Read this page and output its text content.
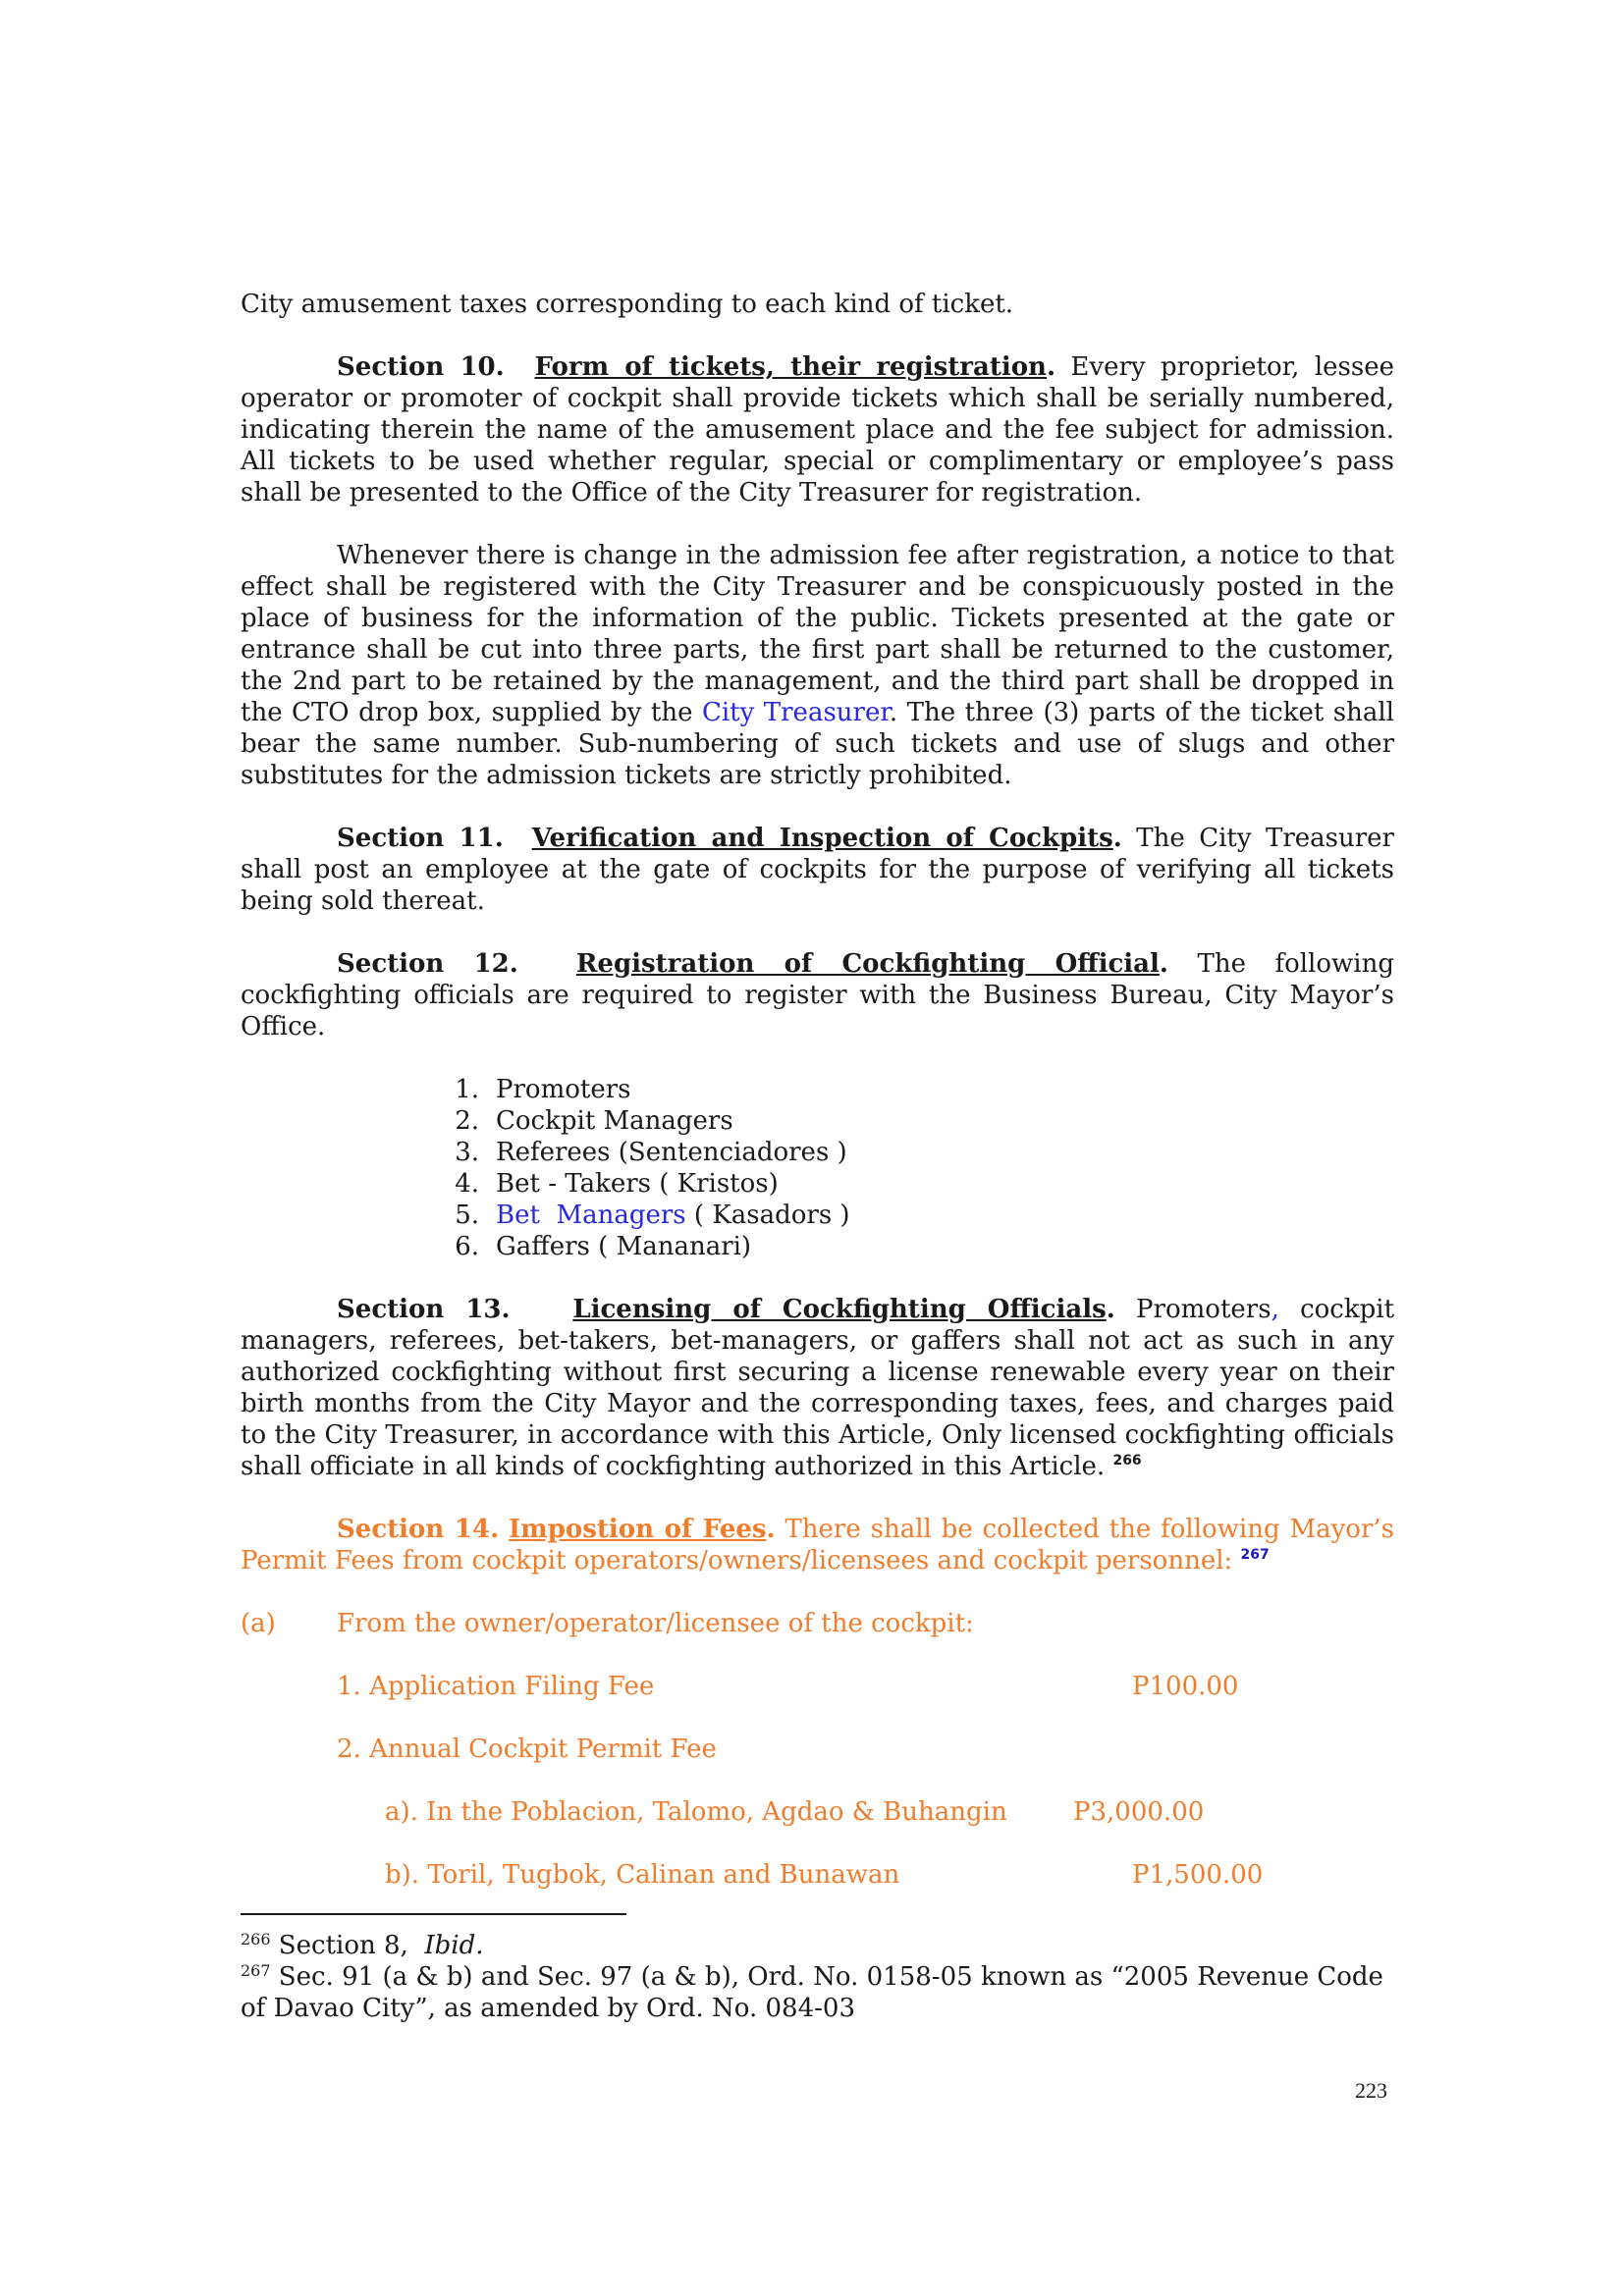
City amusement taxes corresponding to each kind of ticket.

Section 10. Form of tickets, their registration. Every proprietor, lessee operator or promoter of cockpit shall provide tickets which shall be serially numbered, indicating therein the name of the amusement place and the fee subject for admission. All tickets to be used whether regular, special or complimentary or employee’s pass shall be presented to the Office of the City Treasurer for registration.

Whenever there is change in the admission fee after registration, a notice to that effect shall be registered with the City Treasurer and be conspicuously posted in the place of business for the information of the public. Tickets presented at the gate or entrance shall be cut into three parts, the first part shall be returned to the customer, the 2nd part to be retained by the management, and the third part shall be dropped in the CTO drop box, supplied by the City Treasurer. The three (3) parts of the ticket shall bear the same number. Sub-numbering of such tickets and use of slugs and other substitutes for the admission tickets are strictly prohibited.

Section 11. Verification and Inspection of Cockpits. The City Treasurer shall post an employee at the gate of cockpits for the purpose of verifying all tickets being sold thereat.

Section 12. Registration of Cockfighting Official. The following cockfighting officials are required to register with the Business Bureau, City Mayor’s Office.

1. Promoters
2. Cockpit Managers
3. Referees (Sentenciadores )
4. Bet - Takers ( Kristos)
5. Bet  Managers ( Kasadors )
6. Gaffers ( Mananari)

Section 13. Licensing of Cockfighting Officials. Promoters, cockpit managers, referees, bet-takers, bet-managers, or gaffers shall not act as such in any authorized cockfighting without first securing a license renewable every year on their birth months from the City Mayor and the corresponding taxes, fees, and charges paid to the City Treasurer, in accordance with this Article, Only licensed cockfighting officials shall officiate in all kinds of cockfighting authorized in this Article. $^{266}$

Section 14. Impostion of Fees. There shall be collected the following Mayor’s Permit Fees from cockpit operators/owners/licensees and cockpit personnel: $^{267}$

(a) From the owner/operator/licensee of the cockpit:
1. Application Filing Fee	P100.00
2. Annual Cockpit Permit Fee
a). In the Poblacion, Talomo, Agdao & Buhangin	P3,000.00
b). Toril, Tugbok, Calinan and Bunawan	P1,500.00

$^{266}$ Section 8,  Ibid.

$^{267}$ Sec. 91 (a & b) and Sec. 97 (a & b), Ord. No. 0158-05 known as “2005 Revenue Code of Davao City”, as amended by Ord. No. 084-03

223
